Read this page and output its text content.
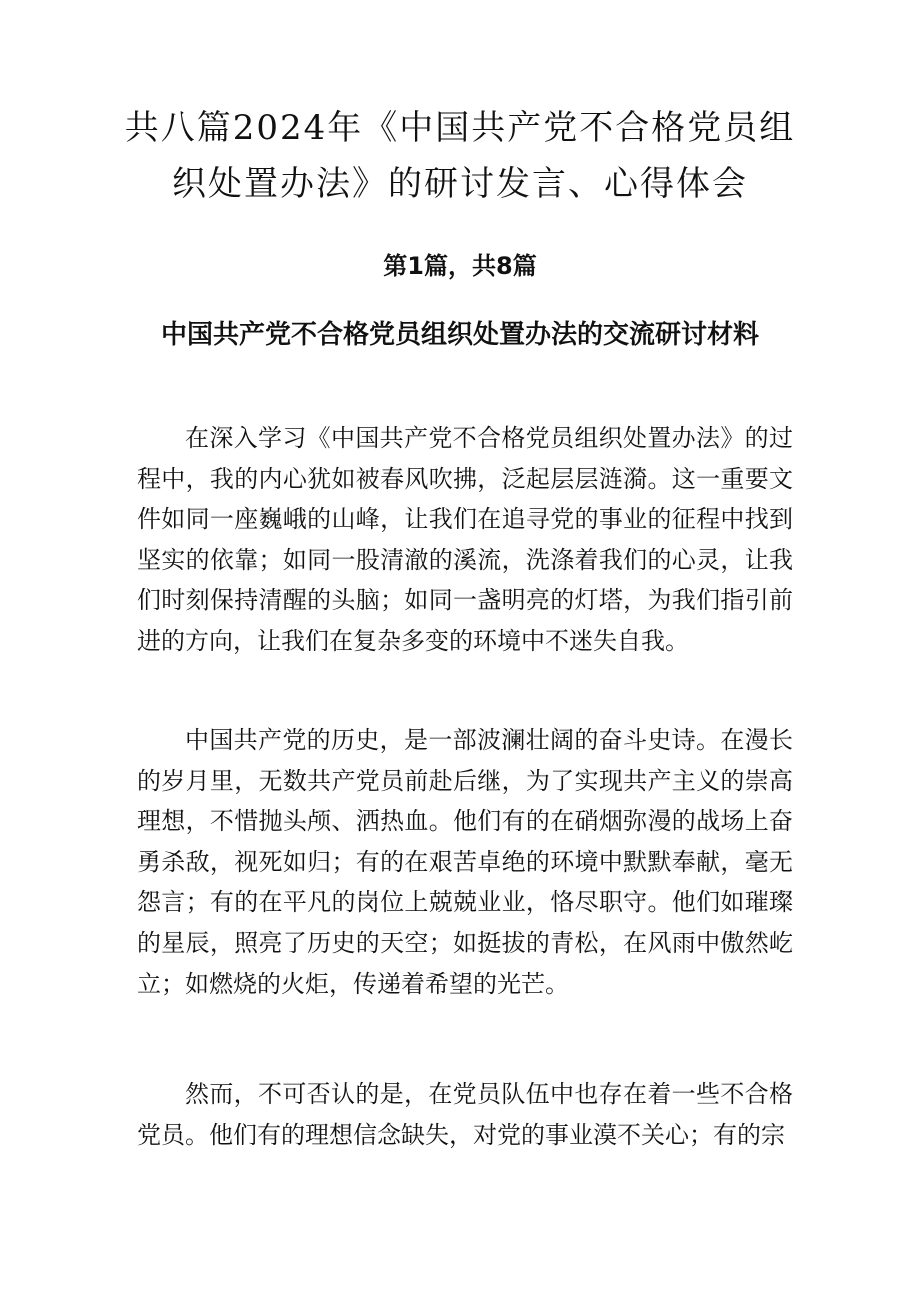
共八篇2024年《中国共产党不合格党员组织处置办法》的研讨发言、心得体会
第1篇，共8篇
中国共产党不合格党员组织处置办法的交流研讨材料

在深入学习《中国共产党不合格党员组织处置办法》的过程中，我的内心犹如被春风吹拂，泛起层层涟漪。这一重要文件如同一座巍峨的山峰，让我们在追寻党的事业的征程中找到坚实的依靠；如同一股清澈的溪流，洗涤着我们的心灵，让我们时刻保持清醒的头脑；如同一盏明亮的灯塔，为我们指引前进的方向，让我们在复杂多变的环境中不迷失自我。

中国共产党的历史，是一部波澜壮阔的奋斗史诗。在漫长的岁月里，无数共产党员前赴后继，为了实现共产主义的崇高理想，不惜抛头颅、洒热血。他们有的在硝烟弥漫的战场上奋勇杀敌，视死如归；有的在艰苦卓绝的环境中默默奉献，毫无怨言；有的在平凡的岗位上兢兢业业，恪尽职守。他们如璀璨的星辰，照亮了历史的天空；如挺拔的青松，在风雨中傲然屹立；如燃烧的火炬，传递着希望的光芒。

然而，不可否认的是，在党员队伍中也存在着一些不合格党员。他们有的理想信念缺失，对党的事业漠不关心；有的宗
